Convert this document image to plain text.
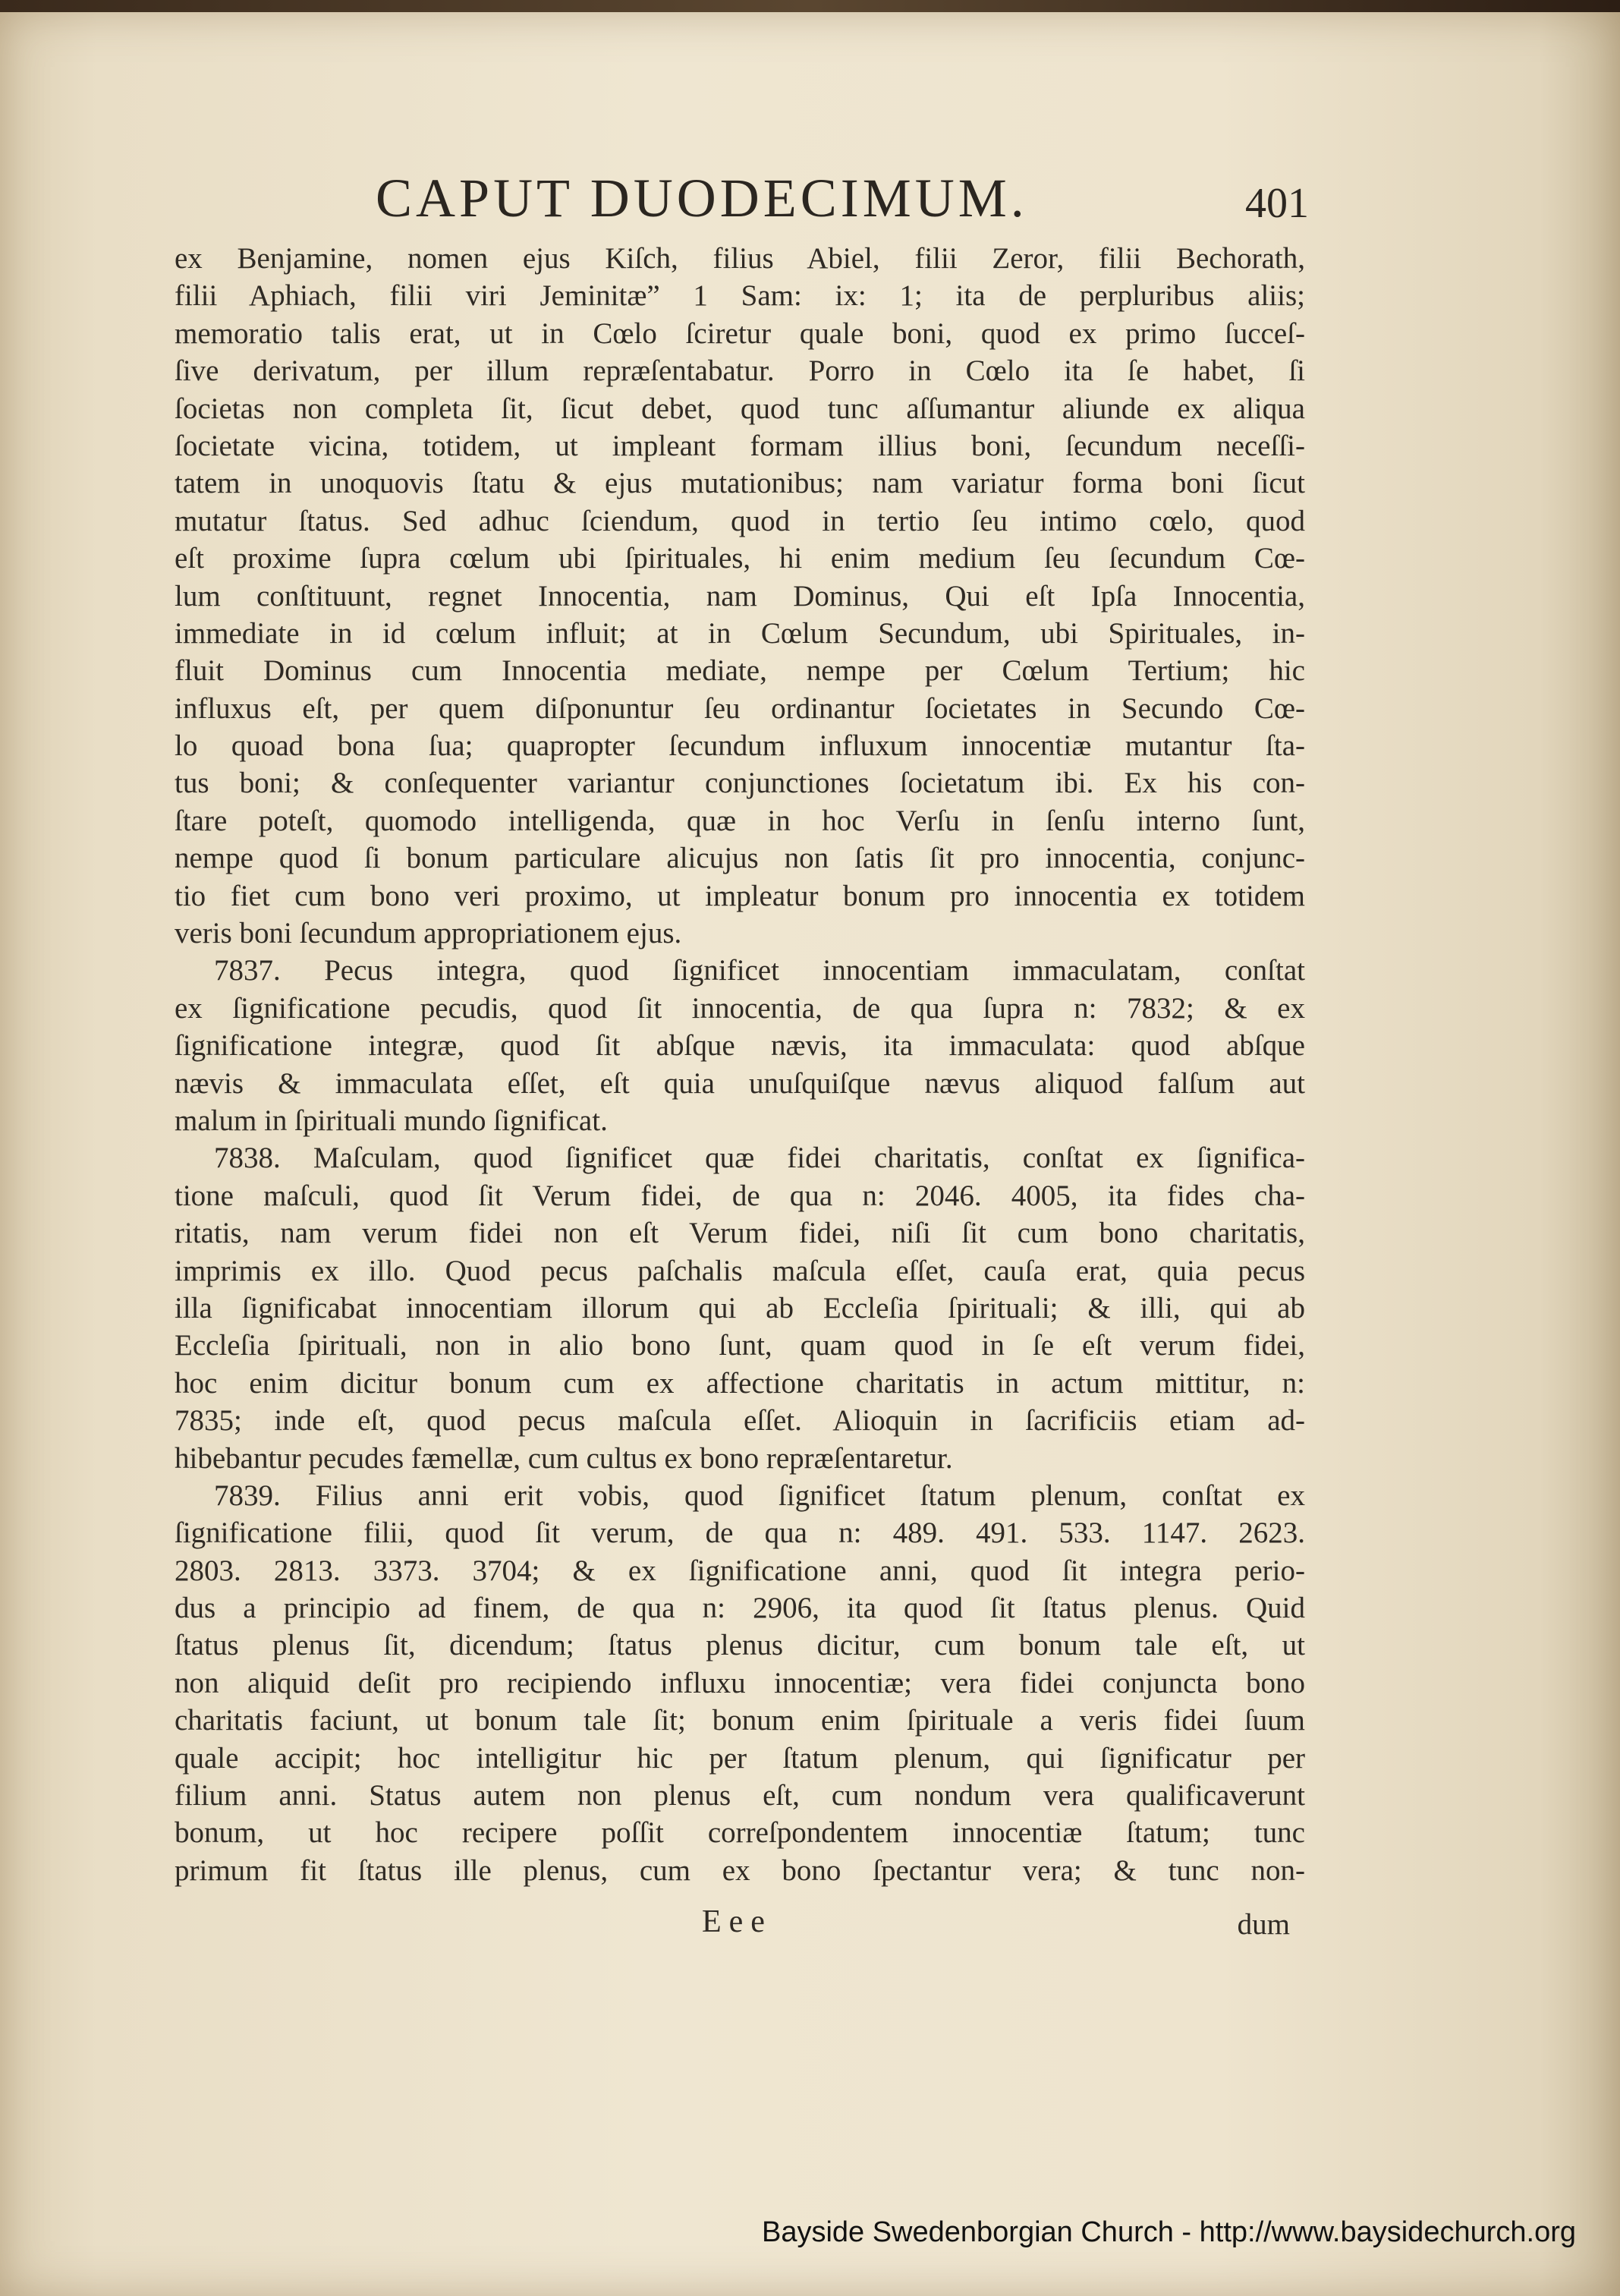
CAPUT DUODECIMUM.	401
ex Benjamine, nomen ejus Kiſch, filius Abiel, filii Zeror, filii Bechorath,
filii Aphiach, filii viri Jeminitæ” 1 Sam: ix: 1; ita de perpluribus aliis;
memoratio talis erat, ut in Cœlo ſciretur quale boni, quod ex primo ſucceſ-
ſive derivatum, per illum repræſentabatur. Porro in Cœlo ita ſe habet, ſi
ſocietas non completa ſit, ſicut debet, quod tunc aſſumantur aliunde ex aliqua
ſocietate vicina, totidem, ut impleant formam illius boni, ſecundum neceſſi-
tatem in unoquovis ſtatu & ejus mutationibus; nam variatur forma boni ſicut
mutatur ſtatus. Sed adhuc ſciendum, quod in tertio ſeu intimo cœlo, quod
eſt proxime ſupra cœlum ubi ſpirituales, hi enim medium ſeu ſecundum Cœ-
lum conſtituunt, regnet Innocentia, nam Dominus, Qui eſt Ipſa Innocentia,
immediate in id cœlum influit; at in Cœlum Secundum, ubi Spirituales, in-
fluit Dominus cum Innocentia mediate, nempe per Cœlum Tertium; hic
influxus eſt, per quem diſponuntur ſeu ordinantur ſocietates in Secundo Cœ-
lo quoad bona ſua; quapropter ſecundum influxum innocentiæ mutantur ſta-
tus boni; & conſequenter variantur conjunctiones ſocietatum ibi. Ex his con-
ſtare poteſt, quomodo intelligenda, quæ in hoc Verſu in ſenſu interno ſunt,
nempe quod ſi bonum particulare alicujus non ſatis ſit pro innocentia, conjunc-
tio fiet cum bono veri proximo, ut impleatur bonum pro innocentia ex totidem
veris boni ſecundum appropriationem ejus.
7837. Pecus integra, quod ſignificet innocentiam immaculatam, conſtat
ex ſignificatione pecudis, quod ſit innocentia, de qua ſupra n: 7832; & ex
ſignificatione integræ, quod ſit abſque nævis, ita immaculata: quod abſque
nævis & immaculata eſſet, eſt quia unuſquiſque nævus aliquod falſum aut
malum in ſpirituali mundo ſignificat.
7838. Maſculam, quod ſignificet quæ fidei charitatis, conſtat ex ſignifica-
tione maſculi, quod ſit Verum fidei, de qua n: 2046. 4005, ita fides cha-
ritatis, nam verum fidei non eſt Verum fidei, niſi ſit cum bono charitatis,
imprimis ex illo. Quod pecus paſchalis maſcula eſſet, cauſa erat, quia pecus
illa ſignificabat innocentiam illorum qui ab Eccleſia ſpirituali; & illi, qui ab
Eccleſia ſpirituali, non in alio bono ſunt, quam quod in ſe eſt verum fidei,
hoc enim dicitur bonum cum ex affectione charitatis in actum mittitur, n:
7835; inde eſt, quod pecus maſcula eſſet. Alioquin in ſacrificiis etiam ad-
hibebantur pecudes fæmellæ, cum cultus ex bono repræſentaretur.
7839. Filius anni erit vobis, quod ſignificet ſtatum plenum, conſtat ex
ſignificatione filii, quod ſit verum, de qua n: 489. 491. 533. 1147. 2623.
2803. 2813. 3373. 3704; & ex ſignificatione anni, quod ſit integra perio-
dus a principio ad finem, de qua n: 2906, ita quod ſit ſtatus plenus. Quid
ſtatus plenus ſit, dicendum; ſtatus plenus dicitur, cum bonum tale eſt, ut
non aliquid deſit pro recipiendo influxu innocentiæ; vera fidei conjuncta bono
charitatis faciunt, ut bonum tale ſit; bonum enim ſpirituale a veris fidei ſuum
quale accipit; hoc intelligitur hic per ſtatum plenum, qui ſignificatur per
filium anni. Status autem non plenus eſt, cum nondum vera qualificaverunt
bonum, ut hoc recipere poſſit correſpondentem innocentiæ ſtatum; tunc
primum fit ſtatus ille plenus, cum ex bono ſpectantur vera; & tunc non-
Eee	dum
Bayside Swedenborgian Church - http://www.baysidechurch.org
